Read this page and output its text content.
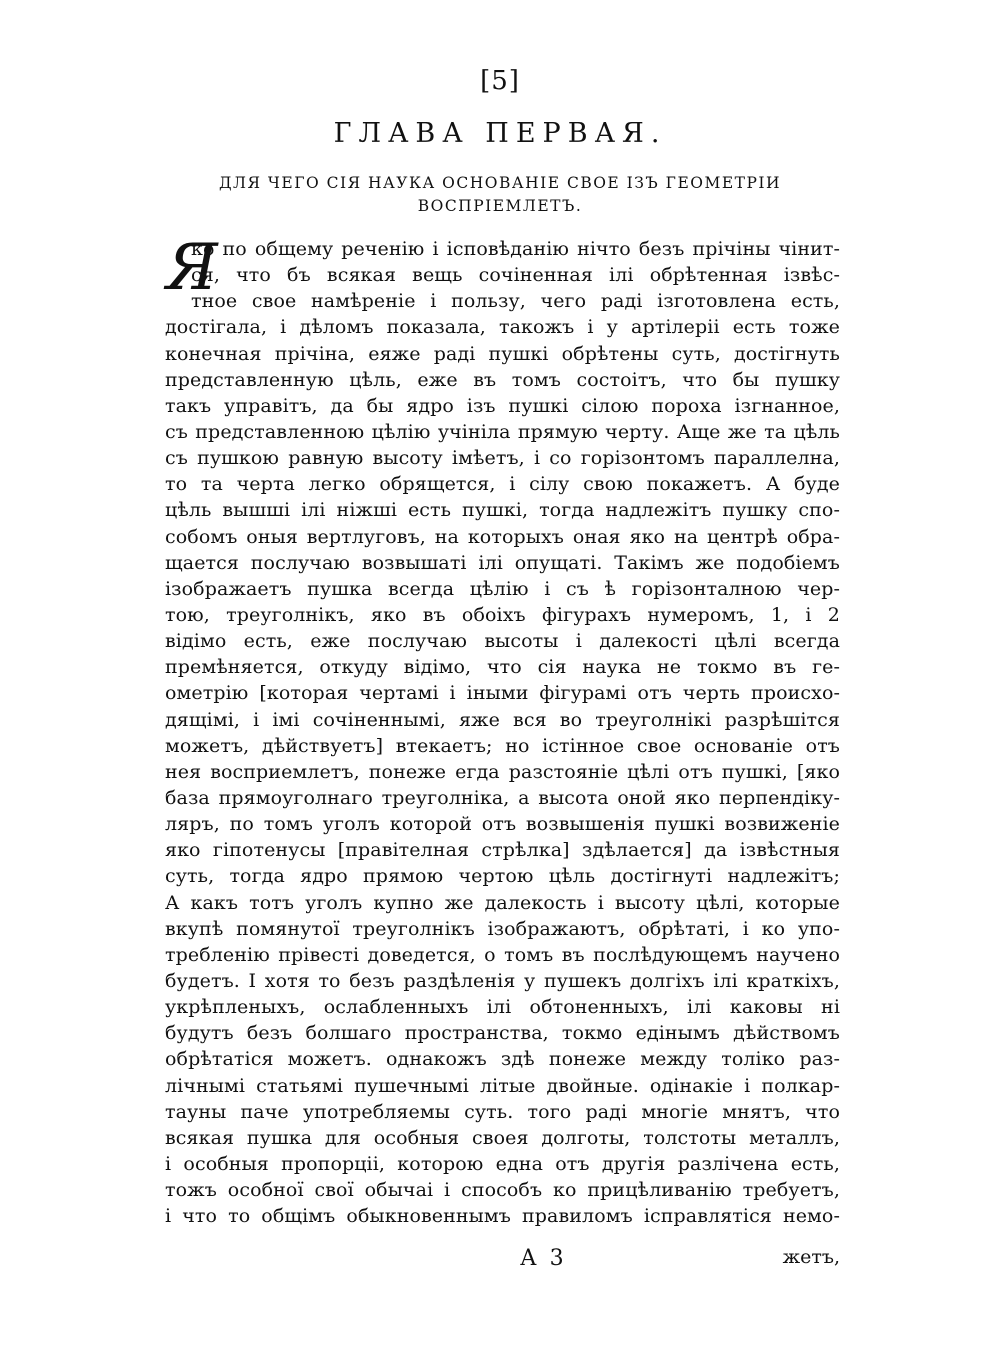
[5]
ГЛАВА ПЕРВАЯ.
ДЛЯ ЧЕГО СІЯ НАУКА ОСНОВАНІЕ СВОЕ ІЗЪ ГЕОМЕТРІИ
ВОСПРІЕМЛЕТЪ.
Я
ко по общему реченію і ісповѣданію нічто безъ прічіны чінит-
ся, что бъ всякая вещь сочіненная ілі обрѣтенная ізвѣс-
тное свое намѣреніе і пользу, чего раді ізготовлена есть,
достігала, і дѣломъ показала, такожъ і у артілеріі есть тоже
конечная прічіна, еяже раді пушкі обрѣтены суть, достігнуть
представленную цѣль, еже въ томъ состоітъ, что бы пушку
такъ управітъ, да бы ядро ізъ пушкі сілою пороха ізгнанное,
съ представленною цѣлію учініла прямую черту. Аще же та цѣль
съ пушкою равную высоту імѣетъ, і со горізонтомъ параллелна,
то та черта легко обрящется, і сілу свою покажетъ. А буде
цѣль вышші ілі ніжші есть пушкі, тогда надлежітъ пушку спо-
собомъ оныя вертлуговъ, на которыхъ оная яко на центрѣ обра-
щается послучаю возвышаті ілі опущаті. Такімъ же подобіемъ
ізображаетъ пушка всегда цѣлію і съ ѣ горізонталною чер-
тою, треуголнікъ, яко въ обоіхъ фігурахъ нумеромъ, 1, і 2
відімо есть, еже послучаю высоты і далекості цѣлі всегда
премѣняется, откуду відімо, что сія наука не токмо въ ге-
ометрію [которая чертамі і іными фігурамі отъ черть происхо-
дящімі, і імі сочіненнымі, яже вся во треуголнікі разрѣшітся
можетъ, дѣйствуетъ] втекаетъ; но істінное свое основаніе отъ
нея восприемлетъ, понеже егда разстояніе цѣлі отъ пушкі, [яко
база прямоуголнаго треуголніка, а высота оной яко перпендiку-
ляръ, по томъ уголъ которой отъ возвышенія пушкі возвиженіе
яко гіпотенусы [правітелная стрѣлка] здѣлается] да ізвѣстныя
суть, тогда ядро прямою чертою цѣль достігнуті надлежітъ;
А какъ тотъ уголъ купно же далекость і высоту цѣлі, которые
вкупѣ помянутої треуголнікъ ізображаютъ, обрѣтаті, і ко упо-
требленію прівесті доведется, о томъ въ послѣдующемъ научено
будетъ. І хотя то безъ раздѣленія у пушекъ долгіхъ ілі краткіхъ,
укрѣпленыхъ, ослабленныхъ ілі обтоненныхъ, ілі каковы ні
будутъ безъ болшаго пространства, токмо едінымъ дѣйствомъ
обрѣтатіся можетъ. однакожъ здѣ понеже между толіко раз-
лічнымі статьямі пушечнымі літые двойные. одінакіе і полкар-
тауны паче употребляемы суть. того раді многіе мнятъ, что
всякая пушка для особныя своея долготы, толстоты металлъ,
і особныя пропорціі, которою една отъ другія разлічена есть,
тожъ особної свої обычаі і способъ ко прицѣливанію требуетъ,
і что то общімъ обыкновеннымъ правиломъ ісправлятіся немо-
А 3	жетъ,
